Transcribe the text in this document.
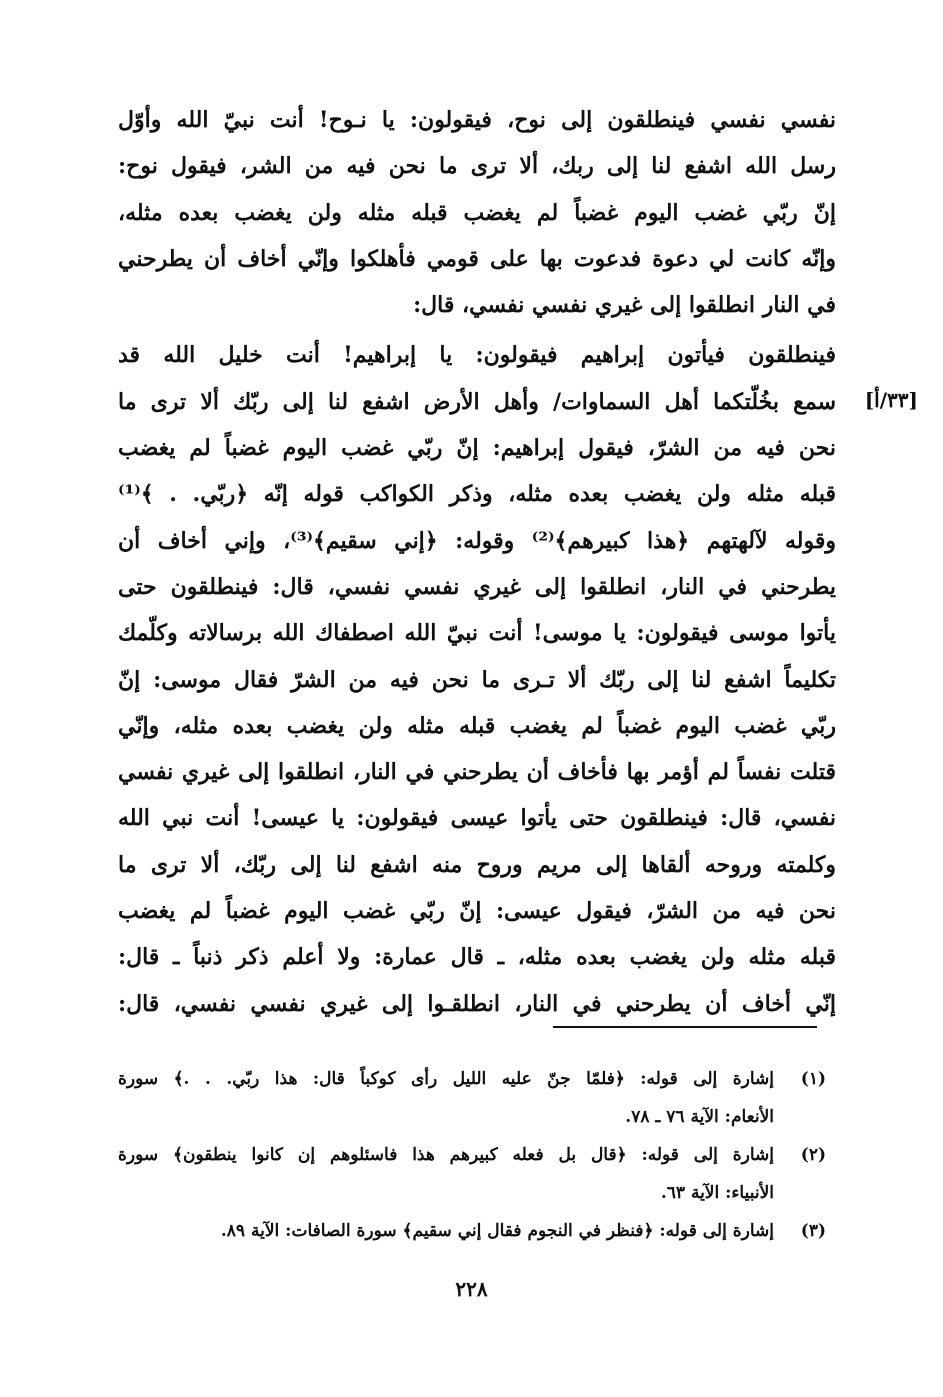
نفسي نفسي فينطلقون إلى نوح، فيقولون: يا نـوح! أنت نبيّ الله وأوّل
رسل الله اشفع لنا إلى ربك، ألا ترى ما نحن فيه من الشر، فيقول نوح:
إنّ ربّي غضب اليوم غضباً لم يغضب قبله مثله ولن يغضب بعده مثله،
وإنّه كانت لي دعوة فدعوت بها على قومي فأهلكوا وإنّي أخاف أن يطرحني
في النار انطلقوا إلى غيري نفسي نفسي، قال:
فينطلقون فيأتون إبراهيم فيقولون: يا إبراهيم! أنت خليل الله قد
سمع بخُلّتكما أهل السماوات/ وأهل الأرض اشفع لنا إلى ربّك ألا ترى ما
نحن فيه من الشرّ، فيقول إبراهيم: إنّ ربّي غضب اليوم غضباً لم يغضب
قبله مثله ولن يغضب بعده مثله، وذكر الكواكب قوله إنّه ﴿ربّي. . ﴾⁽¹⁾
وقوله لآلهتهم ﴿هذا كبيرهم﴾⁽²⁾ وقوله: ﴿إني سقيم﴾⁽³⁾، وإني أخاف أن
يطرحني في النار، انطلقوا إلى غيري نفسي نفسي، قال: فينطلقون حتى
يأتوا موسى فيقولون: يا موسى! أنت نبيّ الله اصطفاك الله برسالاته وكلّمك
تكليماً اشفع لنا إلى ربّك ألا تـرى ما نحن فيه من الشرّ فقال موسى: إنّ
ربّي غضب اليوم غضباً لم يغضب قبله مثله ولن يغضب بعده مثله، وإنّي
قتلت نفساً لم أؤمر بها فأخاف أن يطرحني في النار، انطلقوا إلى غيري نفسي
نفسي، قال: فينطلقون حتى يأتوا عيسى فيقولون: يا عيسى! أنت نبي الله
وكلمته وروحه ألقاها إلى مريم وروح منه اشفع لنا إلى ربّك، ألا ترى ما
نحن فيه من الشرّ، فيقول عيسى: إنّ ربّي غضب اليوم غضباً لم يغضب
قبله مثله ولن يغضب بعده مثله، ـ قال عمارة: ولا أعلم ذكر ذنباً ـ قال:
إنّي أخاف أن يطرحني في النار، انطلقـوا إلى غيري نفسي نفسي، قال:
[٣٣/أ]
(١)
إشارة إلى قوله: ﴿فلمّا جنّ عليه الليل رأى كوكباً قال: هذا ربّي. . .﴾ سورة
الأنعام: الآية ٧٦ ـ ٧٨.
(٢)
إشارة إلى قوله: ﴿قال بل فعله كبيرهم هذا فاسئلوهم إن كانوا ينطقون﴾ سورة
الأنبياء: الآية ٦٣.
(٣)
إشارة إلى قوله: ﴿فنظر في النجوم فقال إني سقيم﴾ سورة الصافات: الآية ٨٩.
٢٢٨
